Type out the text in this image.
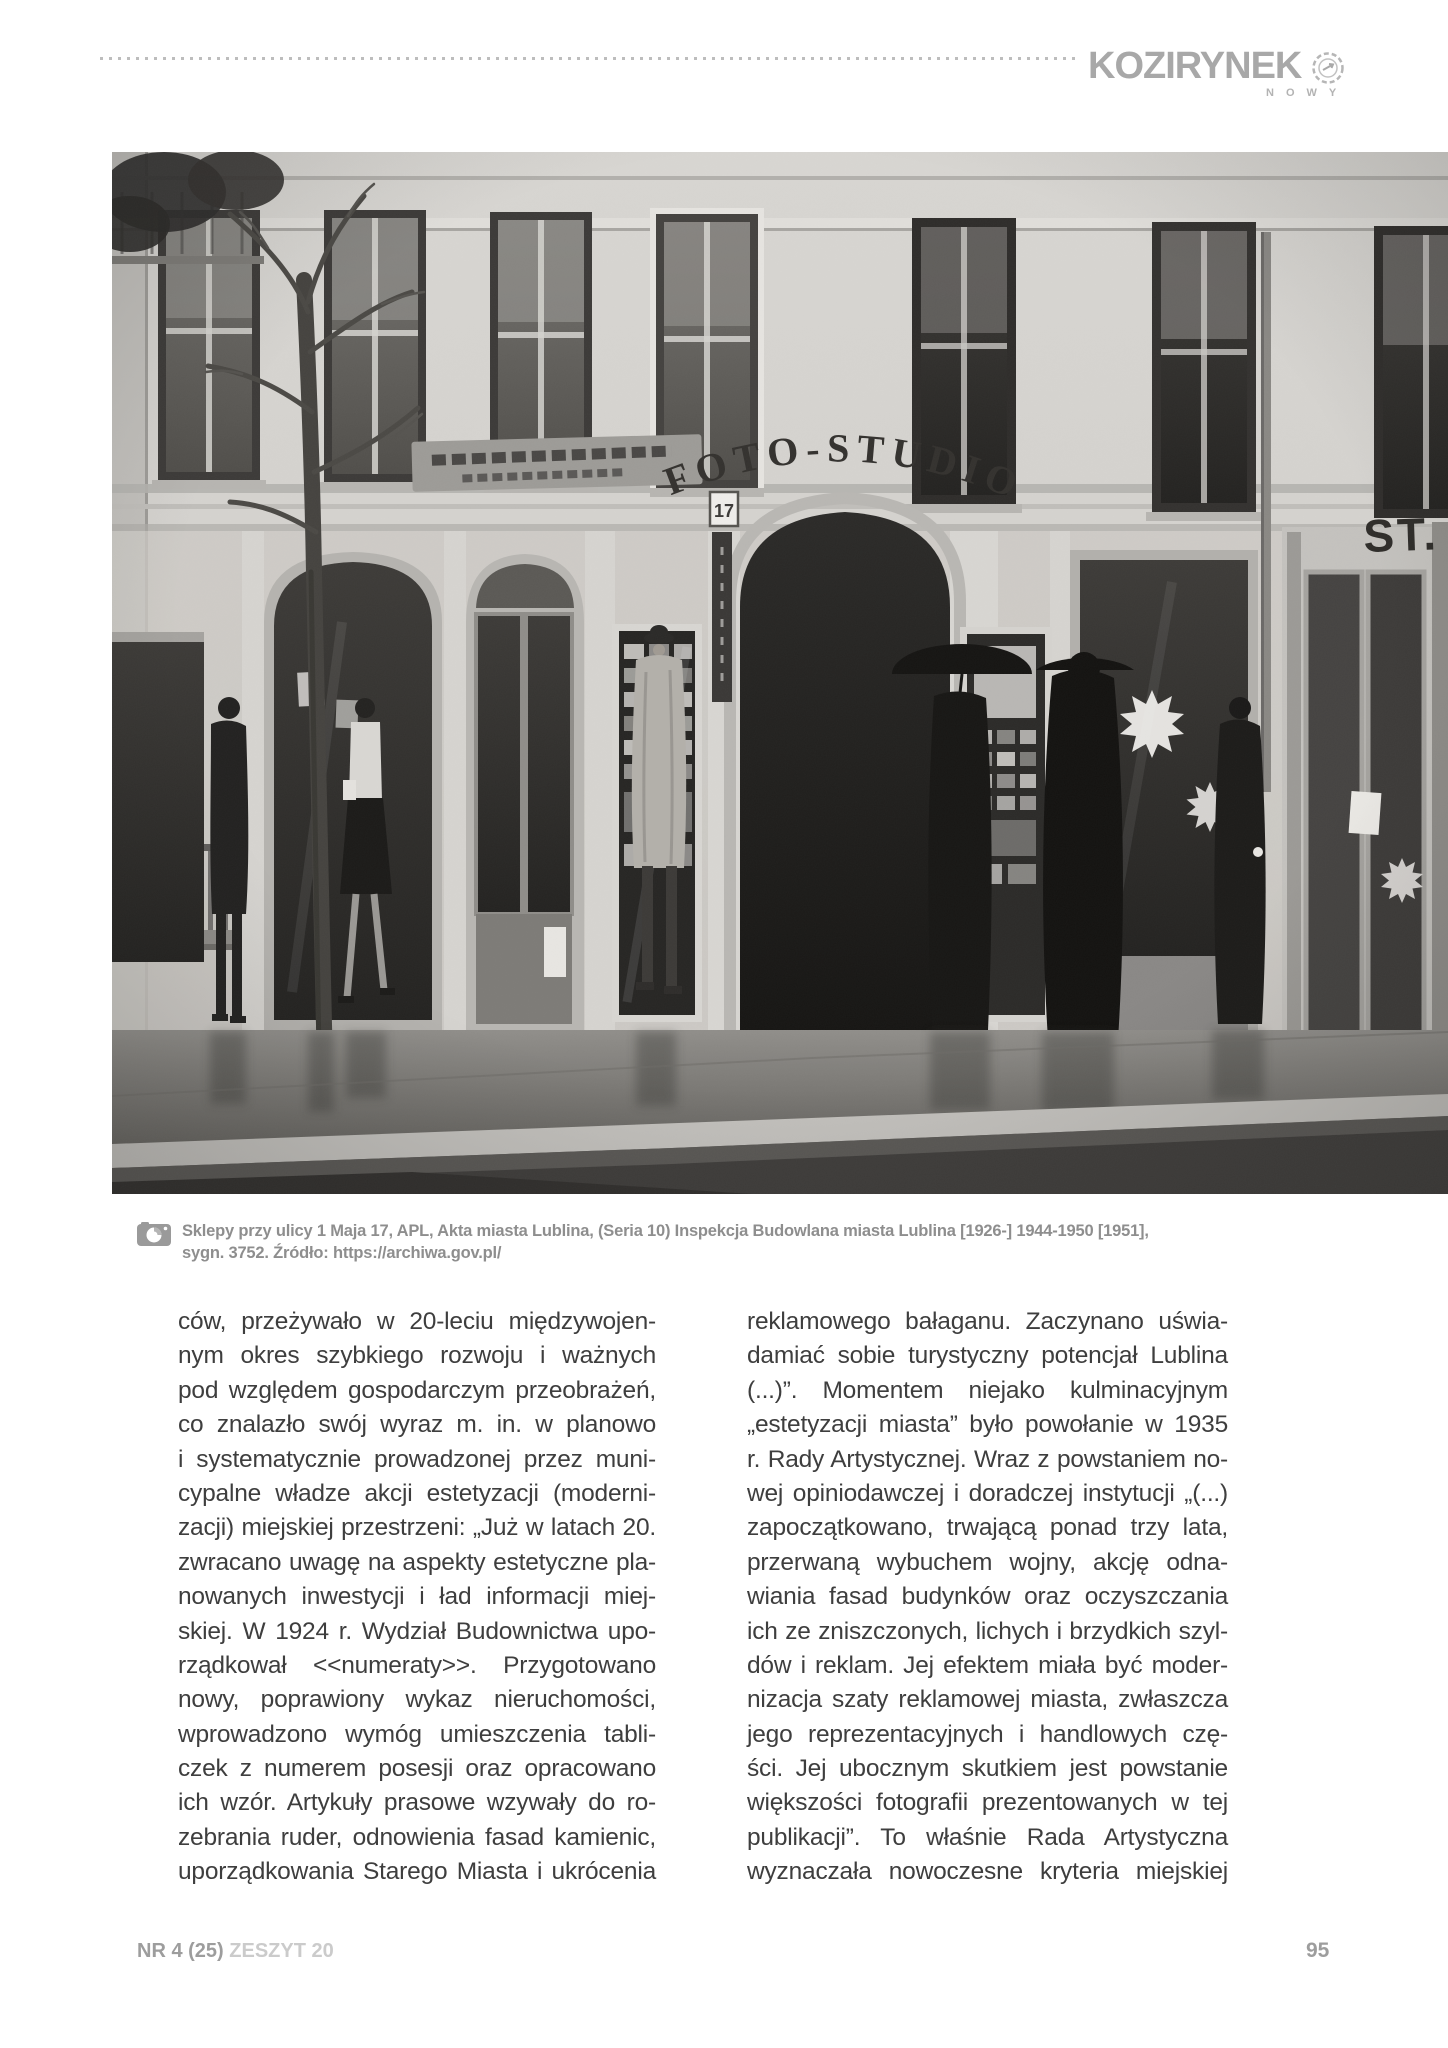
KOZIRYNEK
NOWY
Sklepy przy ulicy 1 Maja 17, APL, Akta miasta Lublina, (Seria 10) Inspekcja Budowlana miasta Lublina [1926-] 1944-1950 [1951],
sygn. 3752. Źródło: https://archiwa.gov.pl/
ców, przeżywało w 20-leciu międzywojen-
nym okres szybkiego rozwoju i ważnych
pod względem gospodarczym przeobrażeń,
co znalazło swój wyraz m. in. w planowo
i systematycznie prowadzonej przez muni-
cypalne władze akcji estetyzacji (moderni-
zacji) miejskiej przestrzeni: „Już w latach 20.
zwracano uwagę na aspekty estetyczne pla-
nowanych inwestycji i ład informacji miej-
skiej. W 1924 r. Wydział Budownictwa upo-
rządkował <<numeraty>>. Przygotowano
nowy, poprawiony wykaz nieruchomości,
wprowadzono wymóg umieszczenia tabli-
czek z numerem posesji oraz opracowano
ich wzór. Artykuły prasowe wzywały do ro-
zebrania ruder, odnowienia fasad kamienic,
uporządkowania Starego Miasta i ukrócenia
reklamowego bałaganu. Zaczynano uświa-
damiać sobie turystyczny potencjał Lublina
(...)”. Momentem niejako kulminacyjnym
„estetyzacji miasta” było powołanie w 1935
r. Rady Artystycznej. Wraz z powstaniem no-
wej opiniodawczej i doradczej instytucji „(...)
zapoczątkowano, trwającą ponad trzy lata,
przerwaną wybuchem wojny, akcję odna-
wiania fasad budynków oraz oczyszczania
ich ze zniszczonych, lichych i brzydkich szyl-
dów i reklam. Jej efektem miała być moder-
nizacja szaty reklamowej miasta, zwłaszcza
jego reprezentacyjnych i handlowych czę-
ści. Jej ubocznym skutkiem jest powstanie
większości fotografii prezentowanych w tej
publikacji”. To właśnie Rada Artystyczna
wyznaczała nowoczesne kryteria miejskiej
NR 4 (25) ZESZYT 20	95
